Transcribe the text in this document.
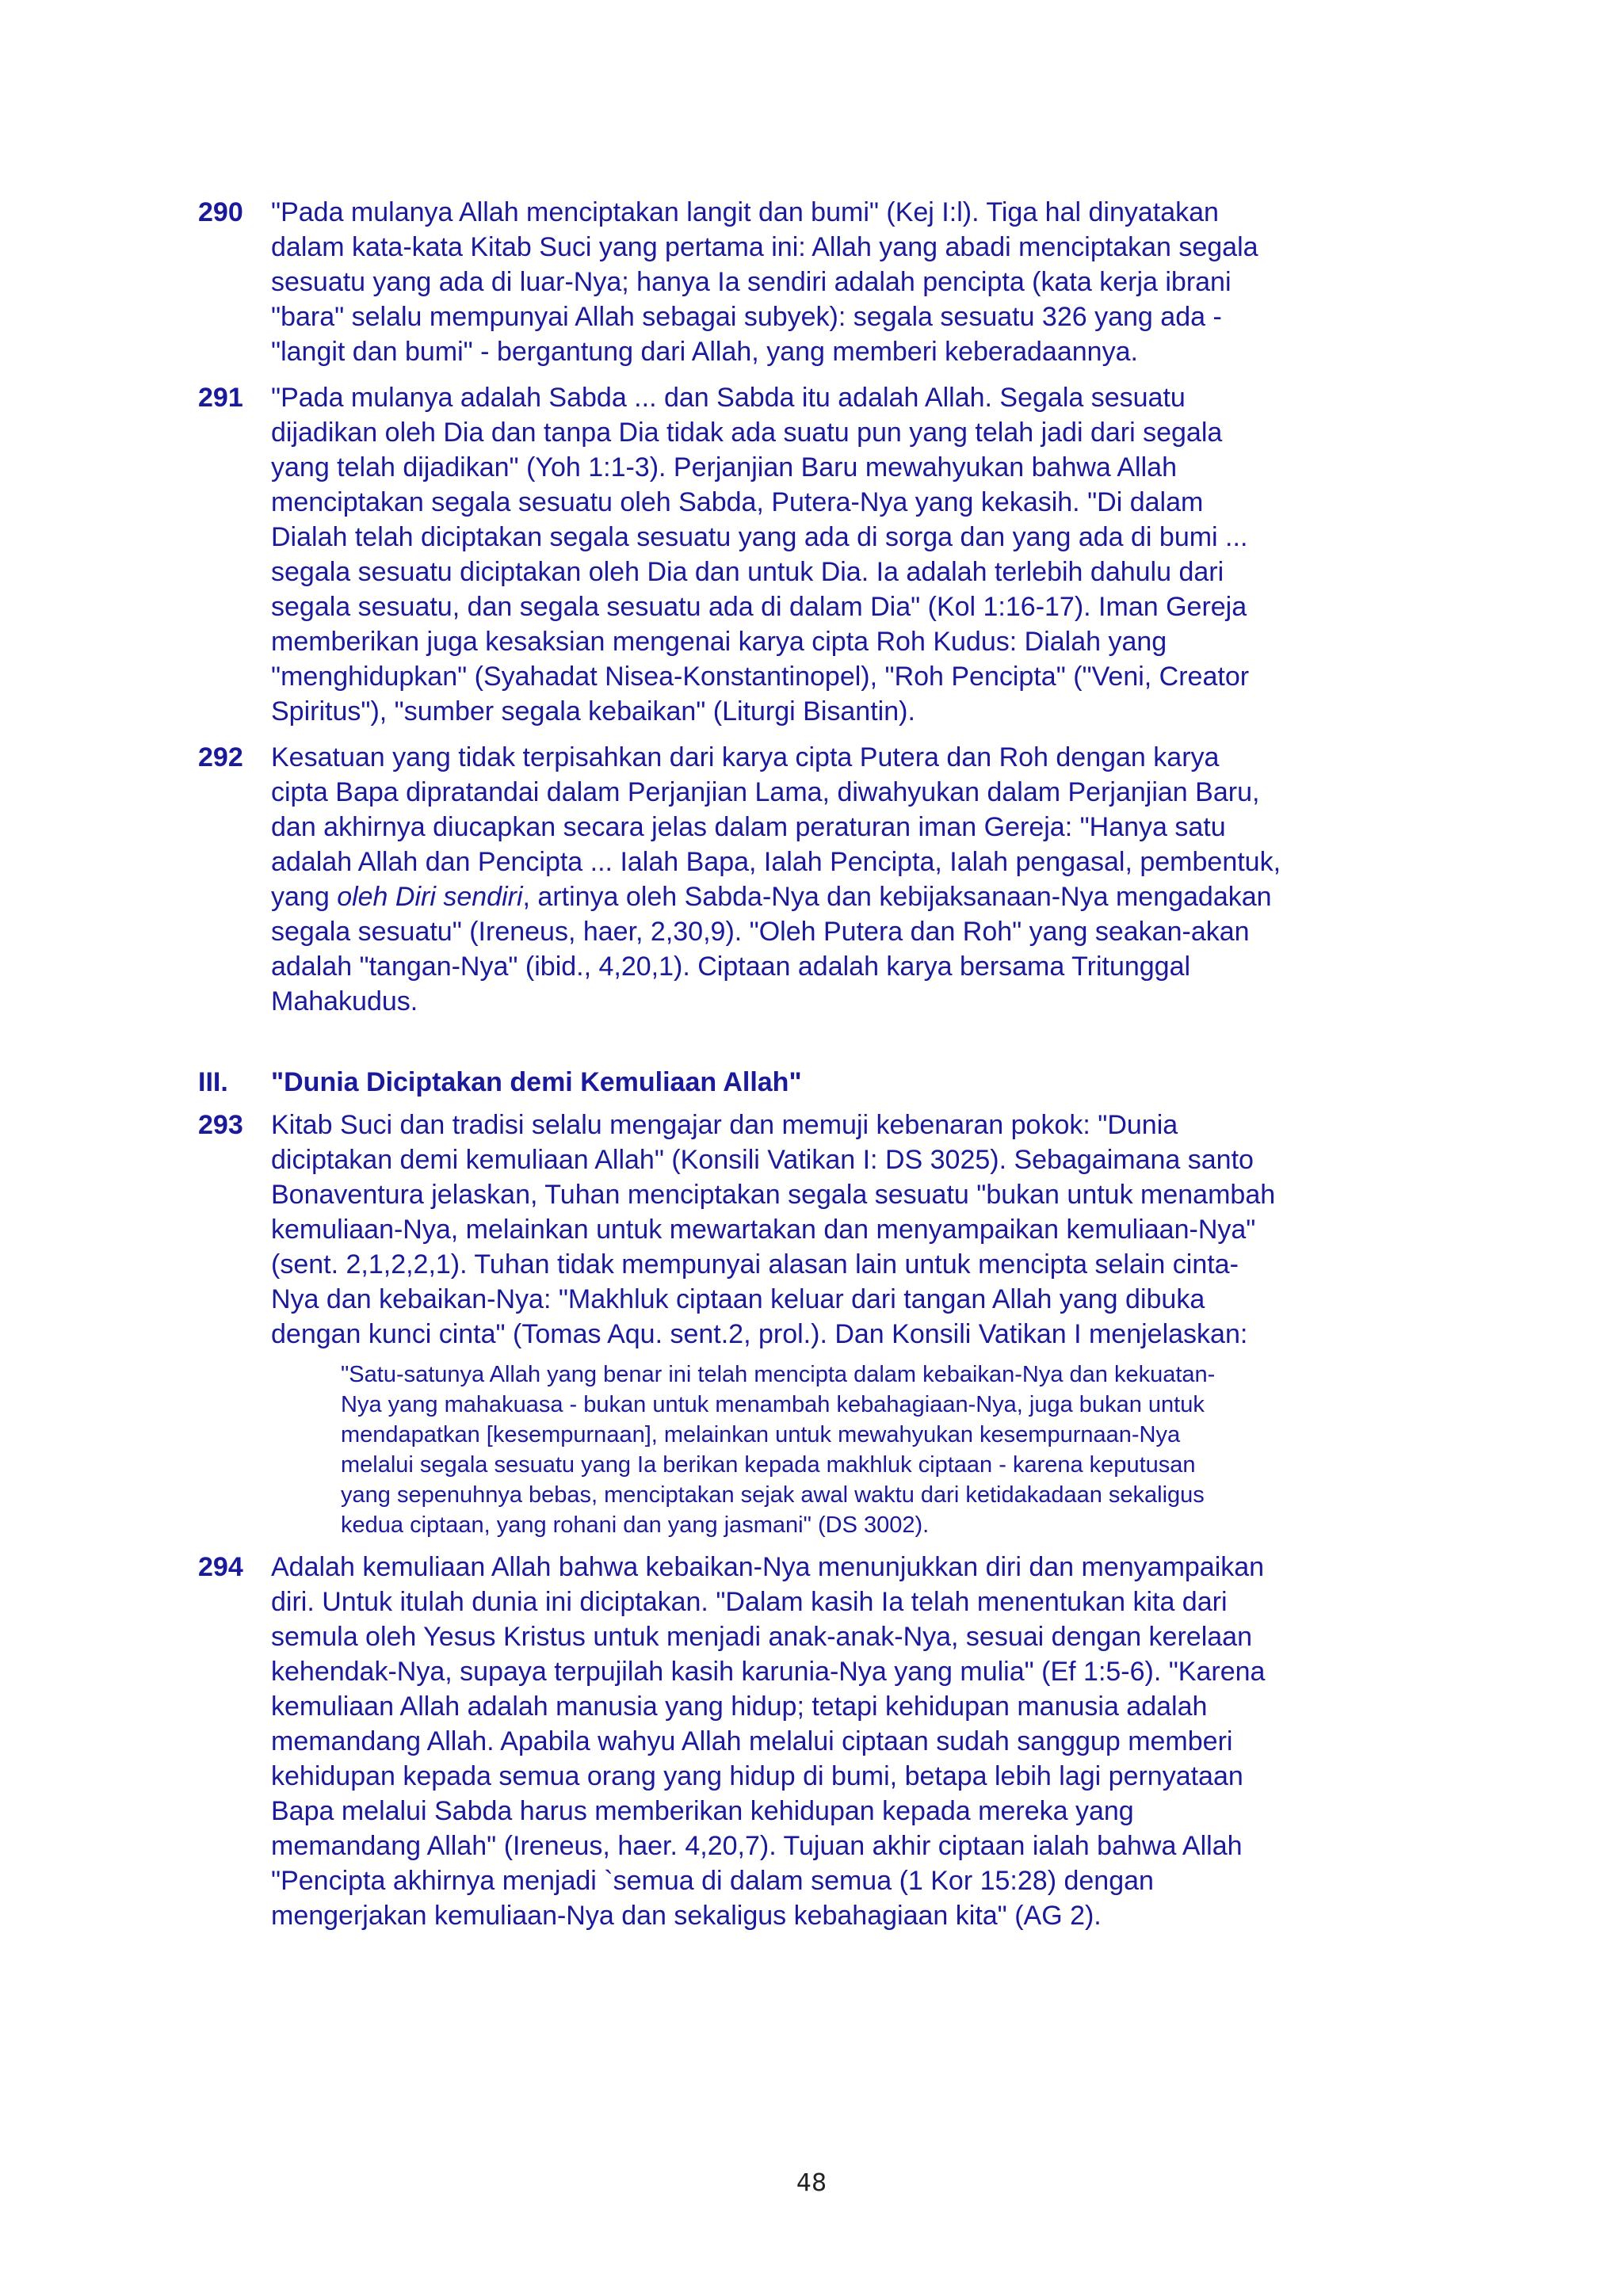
290	"Pada mulanya Allah menciptakan langit dan bumi" (Kej I:l). Tiga hal dinyatakan
dalam kata-kata Kitab Suci yang pertama ini: Allah yang abadi menciptakan segala
sesuatu yang ada di luar-Nya; hanya Ia sendiri adalah pencipta (kata kerja ibrani
"bara" selalu mempunyai Allah sebagai subyek): segala sesuatu 326 yang ada -
"langit dan bumi" - bergantung dari Allah, yang memberi keberadaannya.
291	"Pada mulanya adalah Sabda ... dan Sabda itu adalah Allah. Segala sesuatu
dijadikan oleh Dia dan tanpa Dia tidak ada suatu pun yang telah jadi dari segala
yang telah dijadikan" (Yoh 1:1-3). Perjanjian Baru mewahyukan bahwa Allah
menciptakan segala sesuatu oleh Sabda, Putera-Nya yang kekasih. "Di dalam
Dialah telah diciptakan segala sesuatu yang ada di sorga dan yang ada di bumi ...
segala sesuatu diciptakan oleh Dia dan untuk Dia. Ia adalah terlebih dahulu dari
segala sesuatu, dan segala sesuatu ada di dalam Dia" (Kol 1:16-17). Iman Gereja
memberikan juga kesaksian mengenai karya cipta Roh Kudus: Dialah yang
"menghidupkan" (Syahadat Nisea-Konstantinopel), "Roh Pencipta" ("Veni, Creator
Spiritus"), "sumber segala kebaikan" (Liturgi Bisantin).
292	Kesatuan yang tidak terpisahkan dari karya cipta Putera dan Roh dengan karya
cipta Bapa dipratandai dalam Perjanjian Lama, diwahyukan dalam Perjanjian Baru,
dan akhirnya diucapkan secara jelas dalam peraturan iman Gereja: "Hanya satu
adalah Allah dan Pencipta ... Ialah Bapa, Ialah Pencipta, Ialah pengasal, pembentuk,
yang oleh Diri sendiri, artinya oleh Sabda-Nya dan kebijaksanaan-Nya mengadakan
segala sesuatu" (Ireneus, haer, 2,30,9). "Oleh Putera dan Roh" yang seakan-akan
adalah "tangan-Nya" (ibid., 4,20,1). Ciptaan adalah karya bersama Tritunggal
Mahakudus.
III.	"Dunia Diciptakan demi Kemuliaan Allah"
293	Kitab Suci dan tradisi selalu mengajar dan memuji kebenaran pokok: "Dunia
diciptakan demi kemuliaan Allah" (Konsili Vatikan I: DS 3025). Sebagaimana santo
Bonaventura jelaskan, Tuhan menciptakan segala sesuatu "bukan untuk menambah
kemuliaan-Nya, melainkan untuk mewartakan dan menyampaikan kemuliaan-Nya"
(sent. 2,1,2,2,1). Tuhan tidak mempunyai alasan lain untuk mencipta selain cinta-
Nya dan kebaikan-Nya: "Makhluk ciptaan keluar dari tangan Allah yang dibuka
dengan kunci cinta" (Tomas Aqu. sent.2, prol.). Dan Konsili Vatikan I menjelaskan:
"Satu-satunya Allah yang benar ini telah mencipta dalam kebaikan-Nya dan kekuatan-
Nya yang mahakuasa - bukan untuk menambah kebahagiaan-Nya, juga bukan untuk
mendapatkan [kesempurnaan], melainkan untuk mewahyukan kesempurnaan-Nya
melalui segala sesuatu yang Ia berikan kepada makhluk ciptaan - karena keputusan
yang sepenuhnya bebas, menciptakan sejak awal waktu dari ketidakadaan sekaligus
kedua ciptaan, yang rohani dan yang jasmani" (DS 3002).
294	Adalah kemuliaan Allah bahwa kebaikan-Nya menunjukkan diri dan menyampaikan
diri. Untuk itulah dunia ini diciptakan. "Dalam kasih Ia telah menentukan kita dari
semula oleh Yesus Kristus untuk menjadi anak-anak-Nya, sesuai dengan kerelaan
kehendak-Nya, supaya terpujilah kasih karunia-Nya yang mulia" (Ef 1:5-6). "Karena
kemuliaan Allah adalah manusia yang hidup; tetapi kehidupan manusia adalah
memandang Allah. Apabila wahyu Allah melalui ciptaan sudah sanggup memberi
kehidupan kepada semua orang yang hidup di bumi, betapa lebih lagi pernyataan
Bapa melalui Sabda harus memberikan kehidupan kepada mereka yang
memandang Allah" (Ireneus, haer. 4,20,7). Tujuan akhir ciptaan ialah bahwa Allah
"Pencipta akhirnya menjadi `semua di dalam semua (1 Kor 15:28) dengan
mengerjakan kemuliaan-Nya dan sekaligus kebahagiaan kita" (AG 2).
48
